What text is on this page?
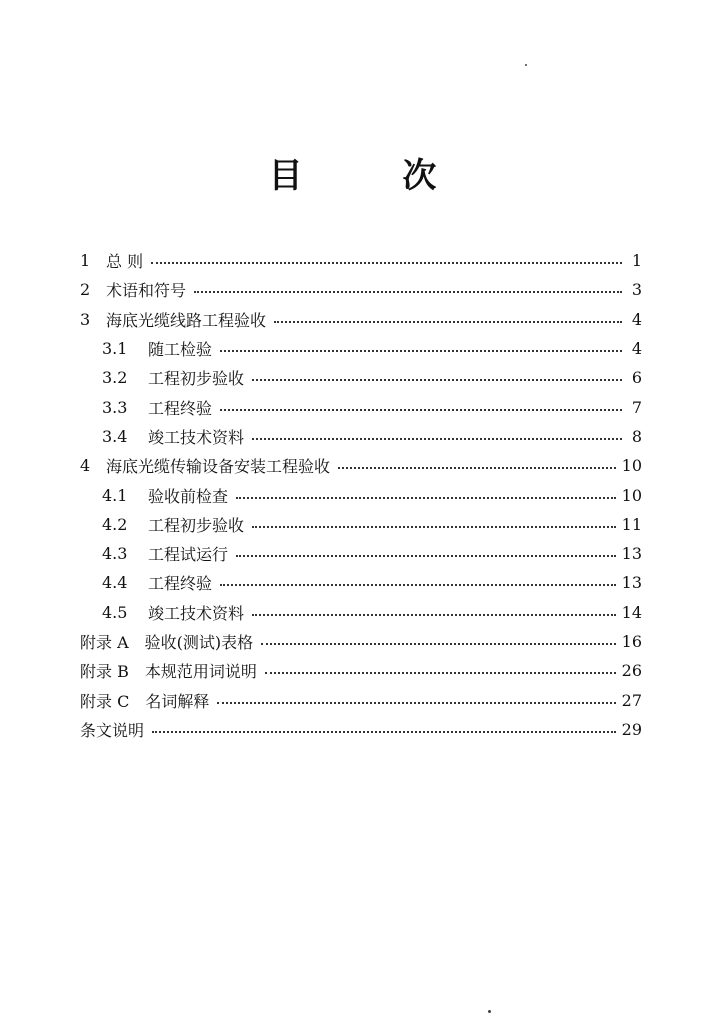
目 次
1 总 则	1
2 术语和符号	3
3 海底光缆线路工程验收	4
3.1 随工检验	4
3.2 工程初步验收	6
3.3 工程终验	7
3.4 竣工技术资料	8
4 海底光缆传输设备安装工程验收	10
4.1 验收前检查	10
4.2 工程初步验收	11
4.3 工程试运行	13
4.4 工程终验	13
4.5 竣工技术资料	14
附录 A 验收(测试)表格	16
附录 B 本规范用词说明	26
附录 C 名词解释	27
条文说明	29
